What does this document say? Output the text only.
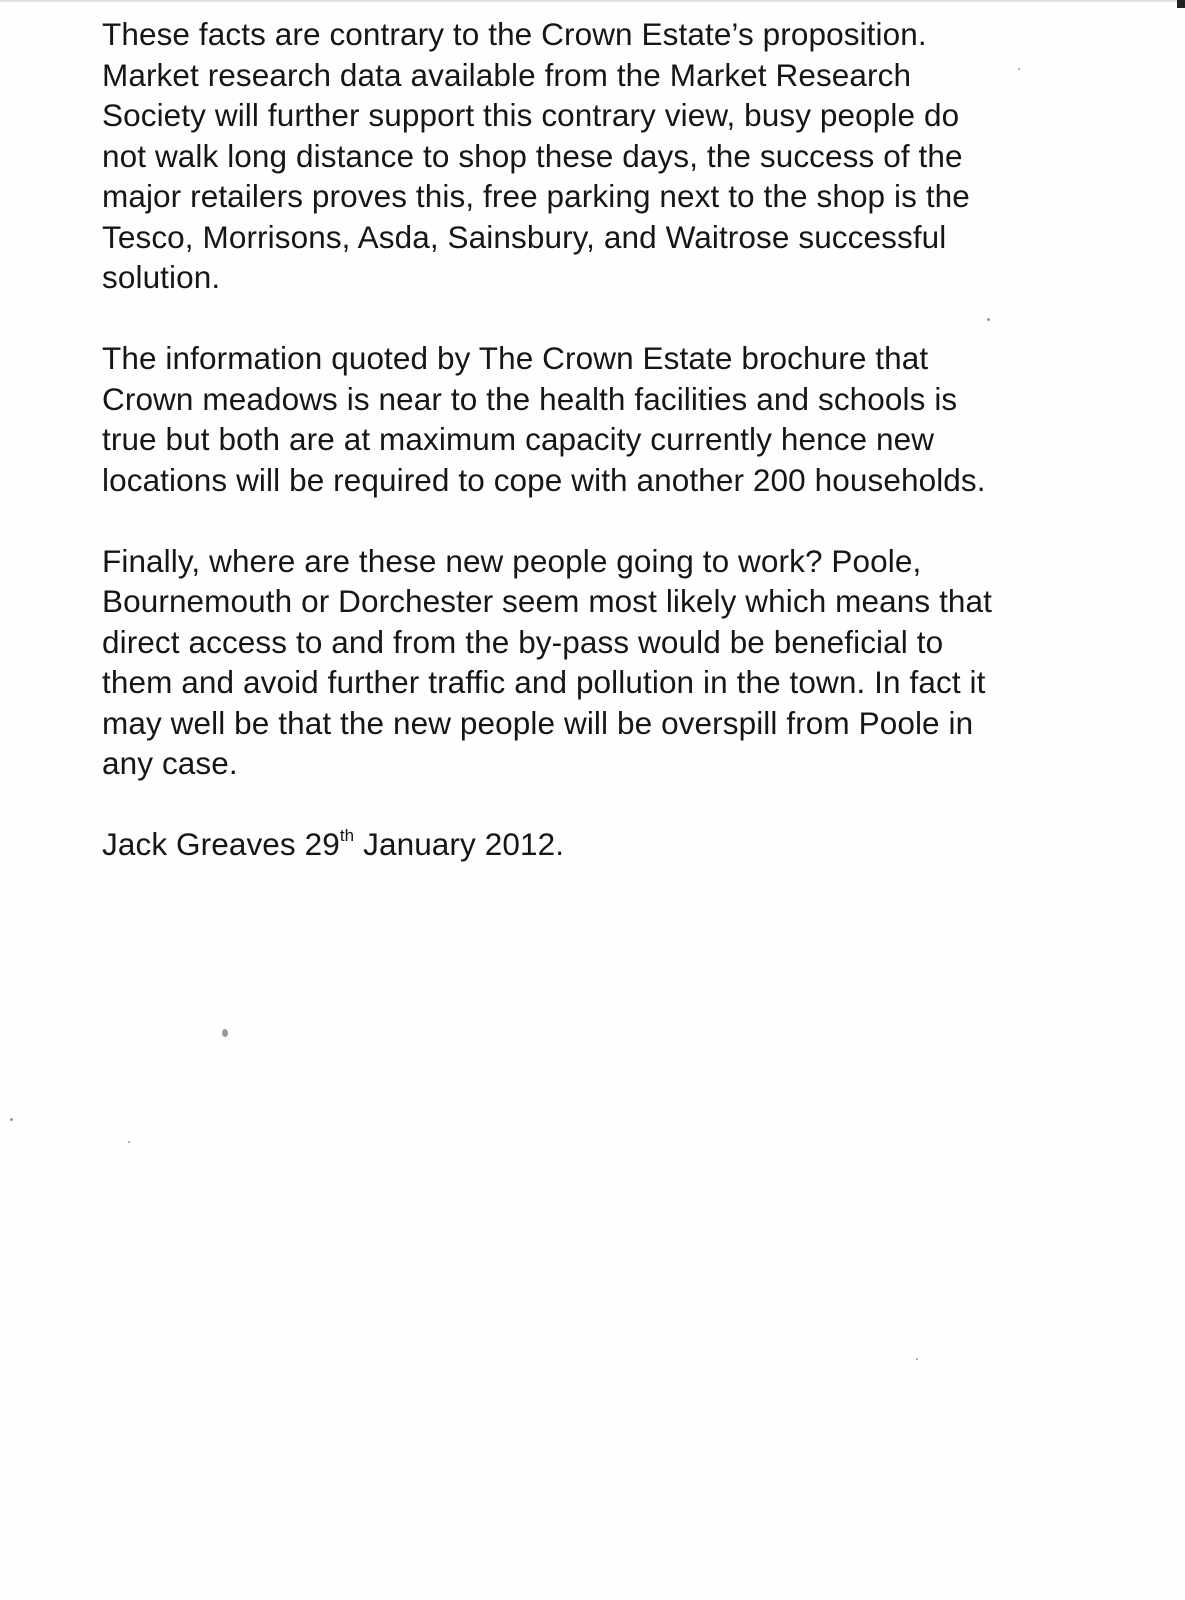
These facts are contrary to the Crown Estate’s proposition.
Market research data available from the Market Research
Society will further support this contrary view, busy people do
not walk long distance to shop these days, the success of the
major retailers proves this, free parking next to the shop is the
Tesco, Morrisons, Asda, Sainsbury, and Waitrose successful
solution.

The information quoted by The Crown Estate brochure that
Crown meadows is near to the health facilities and schools is
true but both are at maximum capacity currently hence new
locations will be required to cope with another 200 households.

Finally, where are these new people going to work? Poole,
Bournemouth or Dorchester seem most likely which means that
direct access to and from the by-pass would be beneficial to
them and avoid further traffic and pollution in the town. In fact it
may well be that the new people will be overspill from Poole in
any case.

Jack Greaves 29th January 2012.
